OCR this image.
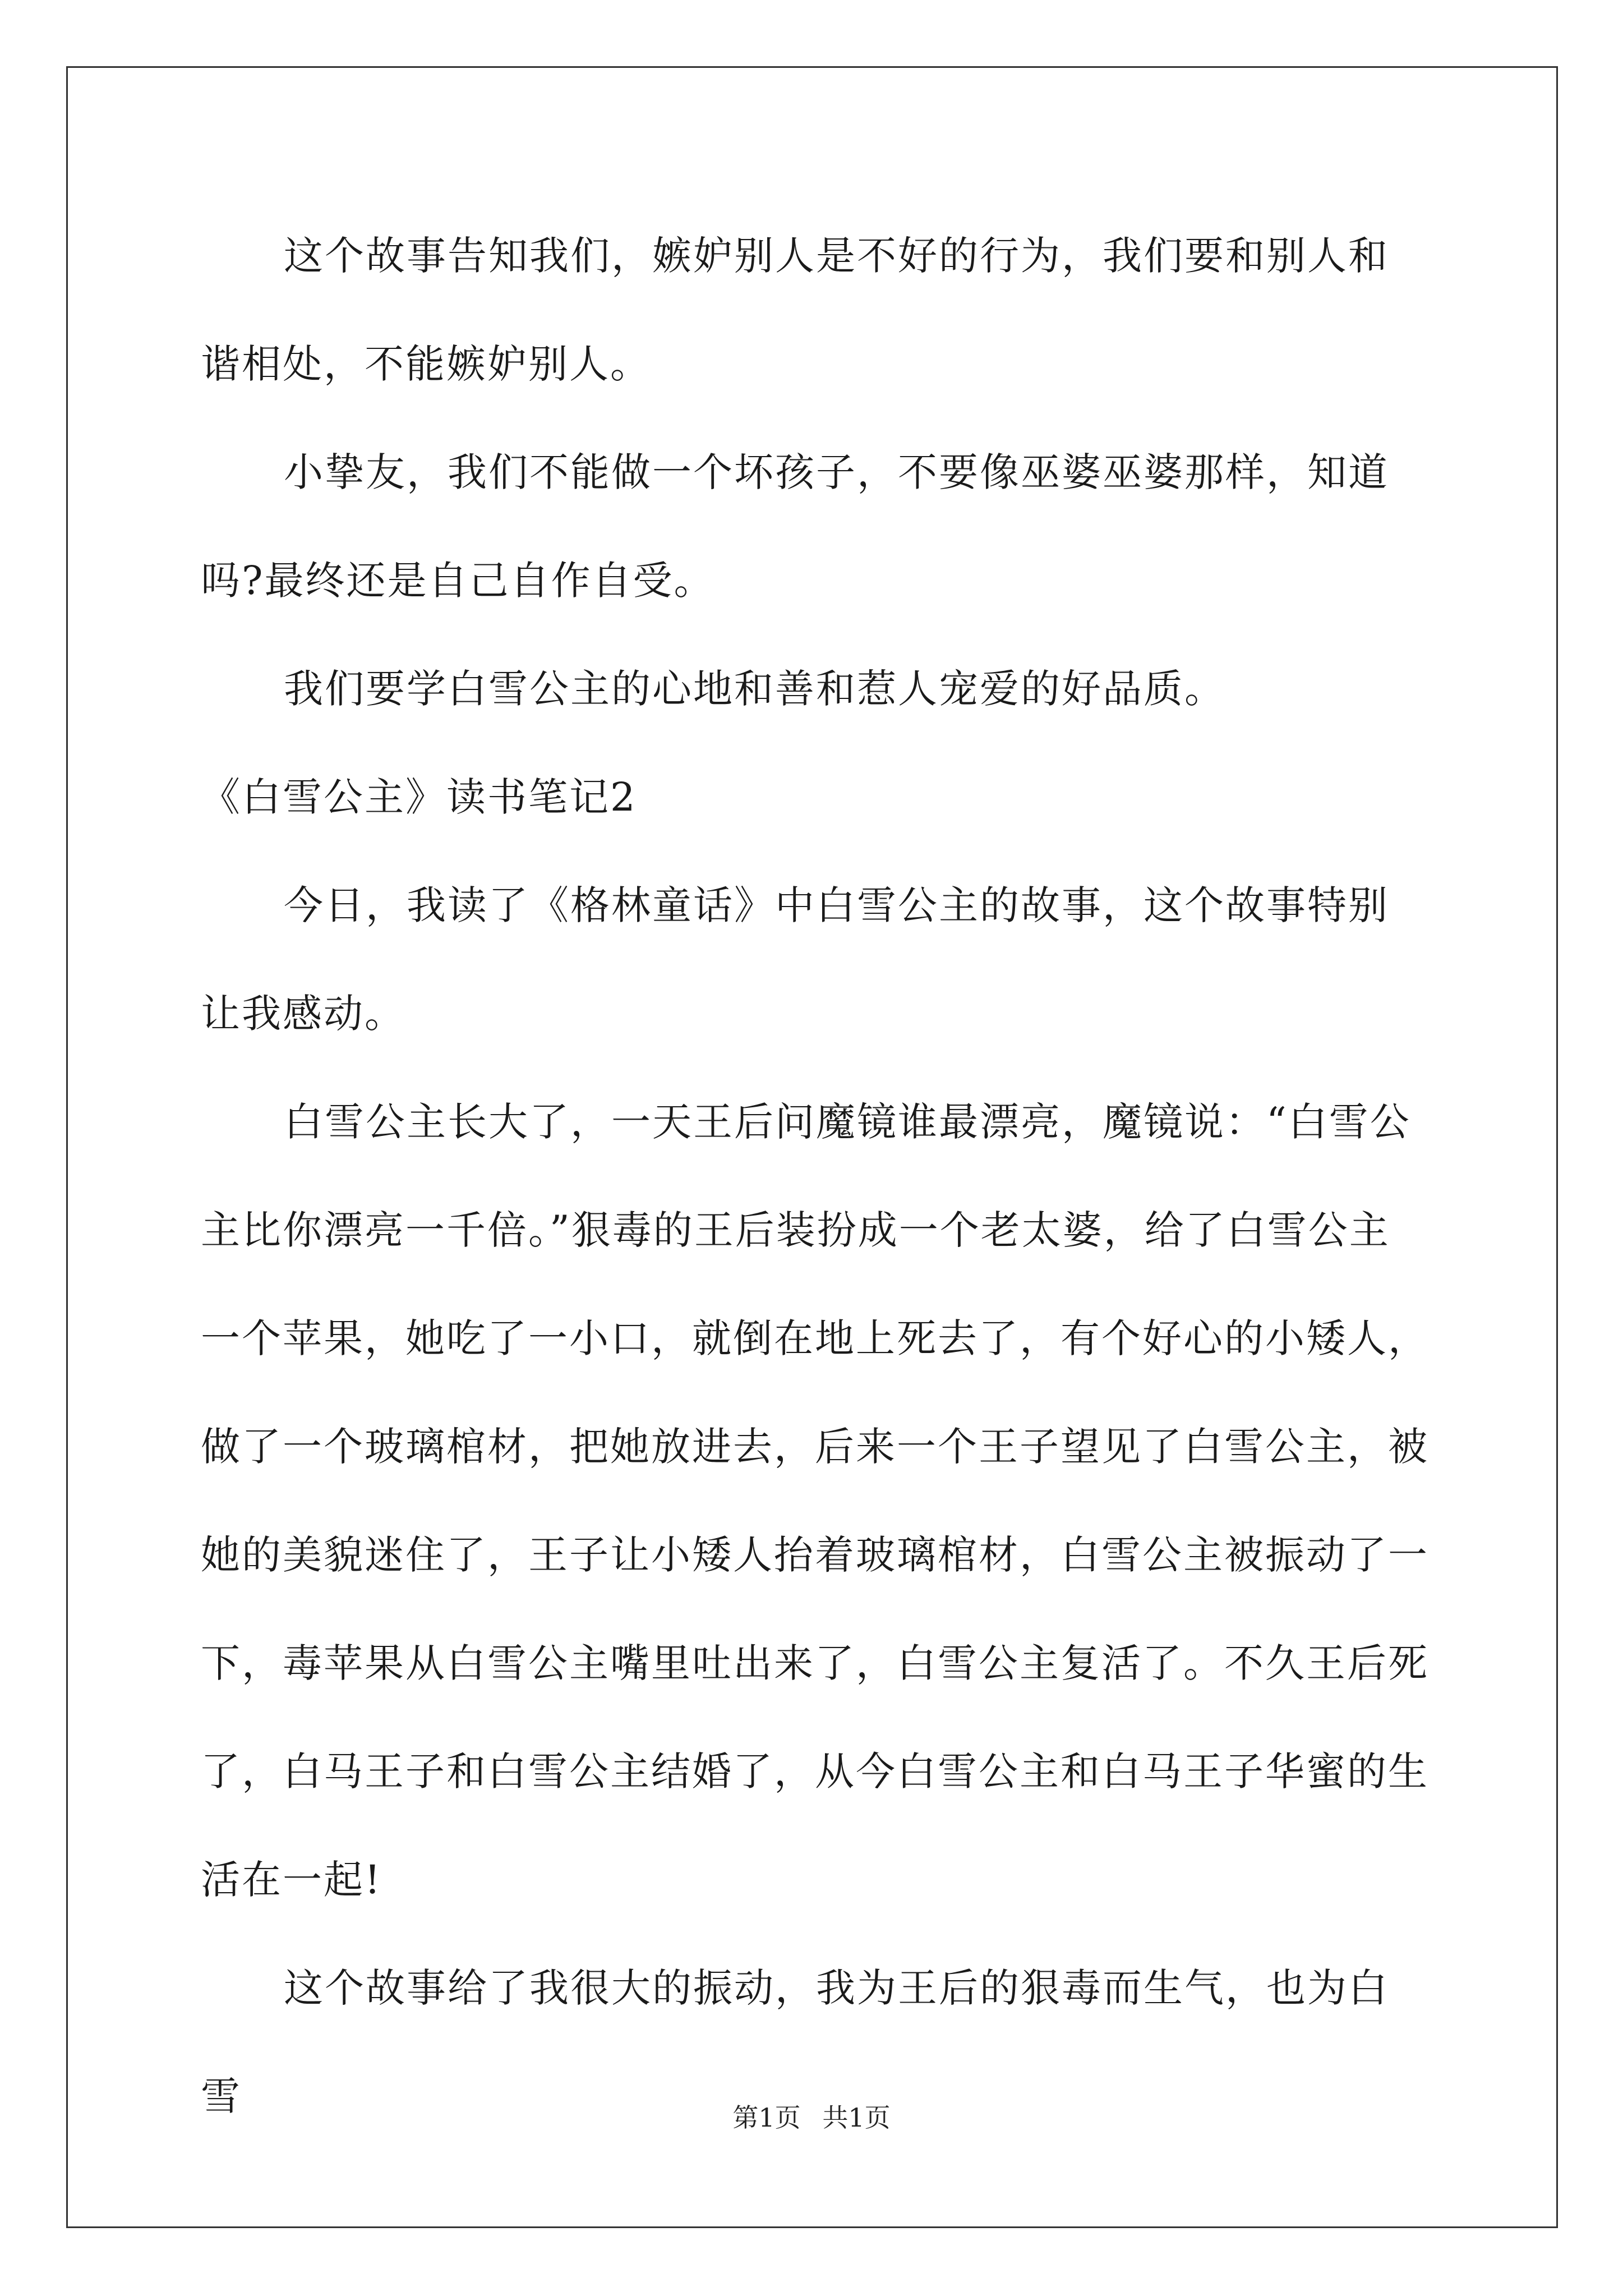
这个故事告知我们，嫉妒别人是不好的行为，我们要和别人和谐相处，不能嫉妒别人。

小挚友，我们不能做一个坏孩子，不要像巫婆巫婆那样，知道吗?最终还是自己自作自受。

我们要学白雪公主的心地和善和惹人宠爱的好品质。

《白雪公主》读书笔记2

今日，我读了《格林童话》中白雪公主的故事，这个故事特别让我感动。

白雪公主长大了，一天王后问魔镜谁最漂亮，魔镜说：“白雪公主比你漂亮一千倍。”狠毒的王后装扮成一个老太婆，给了白雪公主一个苹果，她吃了一小口，就倒在地上死去了，有个好心的小矮人，做了一个玻璃棺材，把她放进去，后来一个王子望见了白雪公主，被她的美貌迷住了，王子让小矮人抬着玻璃棺材，白雪公主被振动了一下，毒苹果从白雪公主嘴里吐出来了，白雪公主复活了。不久王后死了，白马王子和白雪公主结婚了，从今白雪公主和白马王子华蜜的生活在一起!

这个故事给了我很大的振动，我为王后的狠毒而生气，也为白雪	第1页 共1页
